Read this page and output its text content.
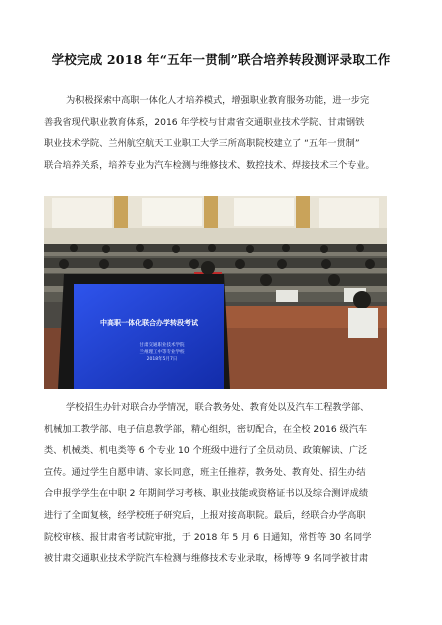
学校完成 2018 年“五年一贯制”联合培养转段测评录取工作
为积极探索中高职一体化人才培养模式，增强职业教育服务功能，进一步完
善我省现代职业教育体系，2016 年学校与甘肃省交通职业技术学院、甘肃钢铁
职业技术学院、兰州航空航天工业职工大学三所高职院校建立了 “五年一贯制”
联合培养关系，培养专业为汽车检测与维修技术、数控技术、焊接技术三个专业。
中高职一体化联合办学转段考试
甘肃交通职业技术学院
兰州理工中等专业学校
2018年5月7日
学校招生办针对联合办学情况，联合教务处、教育处以及汽车工程教学部、
机械加工教学部、电子信息教学部，精心组织，密切配合，在全校 2016 级汽车
类、机械类、机电类等 6 个专业 10 个班级中进行了全员动员、政策解读、广泛
宣传。通过学生自愿申请、家长同意，班主任推荐，教务处、教育处、招生办结
合申报学学生在中职 2 年期间学习考核、职业技能或资格证书以及综合测评成绩
进行了全面复核，经学校班子研究后，上报对接高职院。最后，经联合办学高职
院校审核、报甘肃省考试院审批，于 2018 年 5 月 6 日通知，常哲等 30 名同学
被甘肃交通职业技术学院汽车检测与维修技术专业录取，杨博等 9 名同学被甘肃
